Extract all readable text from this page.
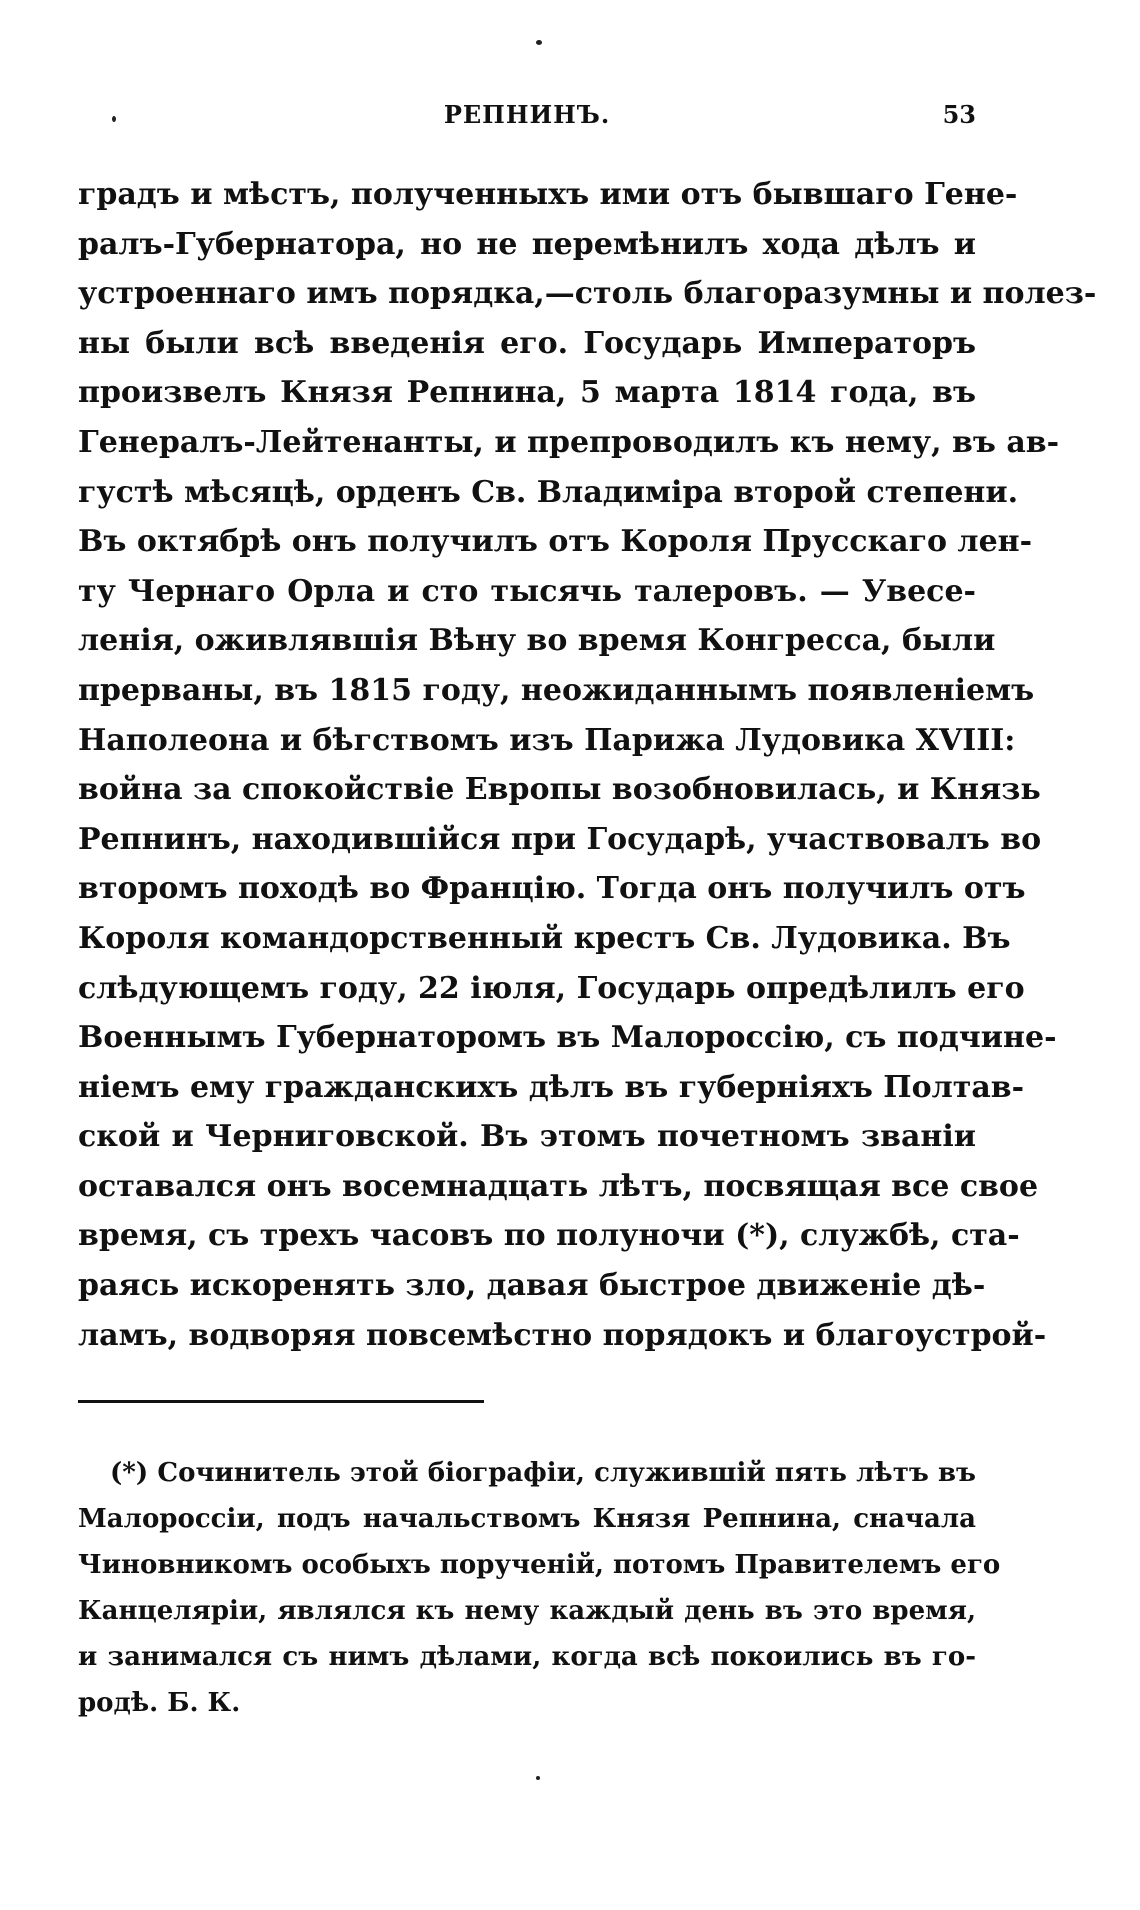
РЕПНИНЪ.	53
градъ и мѣстъ, полученныхъ ими отъ бывшаго Гене-
ралъ-Губернатора, но не перемѣнилъ хода дѣлъ и
устроеннаго имъ порядка,—столь благоразумны и полез-
ны были всѣ введенія его. Государь Императоръ
произвелъ Князя Репнина, 5 марта 1814 года, въ
Генералъ-Лейтенанты, и препроводилъ къ нему, въ ав-
густѣ мѣсяцѣ, орденъ Св. Владиміра второй степени.
Въ октябрѣ онъ получилъ отъ Короля Прусскаго лен-
ту Чернаго Орла и сто тысячь талеровъ. — Увесе-
ленія, оживлявшія Вѣну во время Конгресса, были
прерваны, въ 1815 году, неожиданнымъ появленіемъ
Наполеона и бѣгствомъ изъ Парижа Лудовика XVIII:
война за спокойствіе Европы возобновилась, и Князь
Репнинъ, находившійся при Государѣ, участвовалъ во
второмъ походѣ во Францію. Тогда онъ получилъ отъ
Короля командорственный крестъ Св. Лудовика. Въ
слѣдующемъ году, 22 іюля, Государь опредѣлилъ его
Военнымъ Губернаторомъ въ Малороссію, съ подчине-
ніемъ ему гражданскихъ дѣлъ въ губерніяхъ Полтав-
ской и Черниговской. Въ этомъ почетномъ званіи
оставался онъ восемнадцать лѣтъ, посвящая все свое
время, съ трехъ часовъ по полуночи (*), службѣ, ста-
раясь искоренять зло, давая быстрое движеніе дѣ-
ламъ, водворяя повсемѣстно порядокъ и благоустрой-
(*) Сочинитель этой біографіи, служившій пять лѣтъ въ
Малороссіи, подъ начальствомъ Князя Репнина, сначала
Чиновникомъ особыхъ порученій, потомъ Правителемъ его
Канцеляріи, являлся къ нему каждый день въ это время,
и занимался съ нимъ дѣлами, когда всѣ покоились въ го-
родѣ. Б. К.
